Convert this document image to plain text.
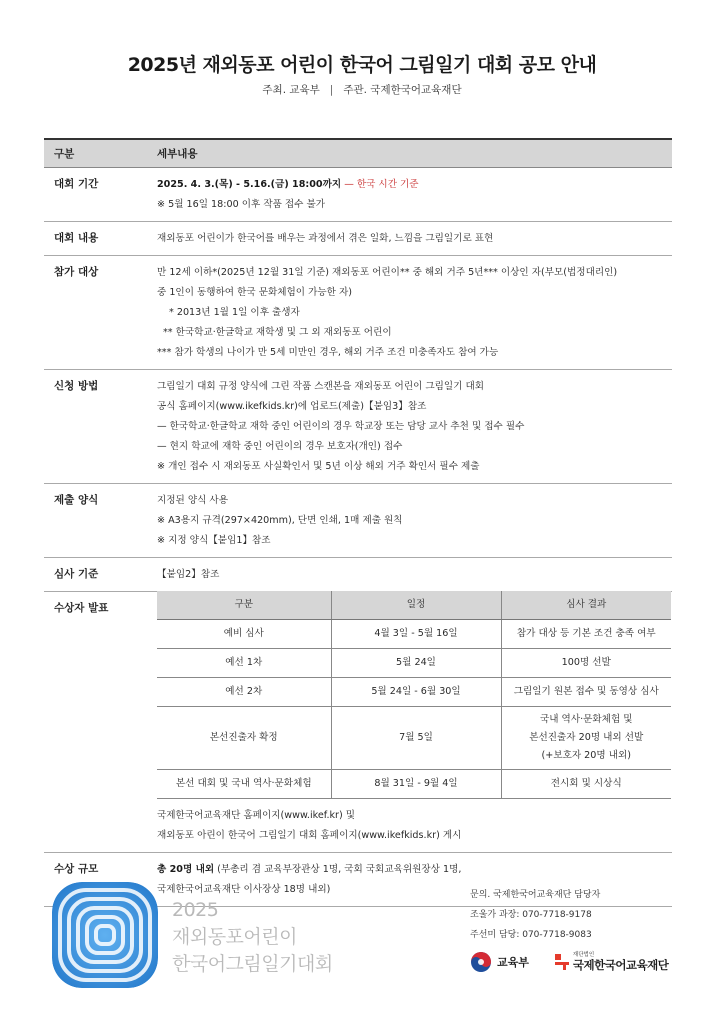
2025년 재외동포 어린이 한국어 그림일기 대회 공모 안내
주최. 교육부 | 주관. 국제한국어교육재단
구분	세부내용
대회 기간	2025. 4. 3.(목) - 5.16.(금) 18:00까지 — 한국 시간 기준
※ 5월 16일 18:00 이후 작품 접수 불가
대회 내용	재외동포 어린이가 한국어를 배우는 과정에서 겪은 일화, 느낌을 그림일기로 표현
참가 대상	만 12세 이하*(2025년 12월 31일 기준) 재외동포 어린이** 중 해외 거주 5년*** 이상인 자(부모(법정대리인)
중 1인이 동행하여 한국 문화체험이 가능한 자)
* 2013년 1월 1일 이후 출생자
** 한국학교·한글학교 재학생 및 그 외 재외동포 어린이
*** 참가 학생의 나이가 만 5세 미만인 경우, 해외 거주 조건 미충족자도 참여 가능
신청 방법	그림일기 대회 규정 양식에 그린 작품 스캔본을 재외동포 어린이 그림일기 대회
공식 홈페이지(www.ikefkids.kr)에 업로드(제출)【붙임3】참조
— 한국학교·한글학교 재학 중인 어린이의 경우 학교장 또는 담당 교사 추천 및 접수 필수
— 현지 학교에 재학 중인 어린이의 경우 보호자(개인) 접수
※ 개인 접수 시 재외동포 사실확인서 및 5년 이상 해외 거주 확인서 필수 제출
제출 양식	지정된 양식 사용
※ A3용지 규격(297×420mm), 단면 인쇄, 1매 제출 원칙
※ 지정 양식【붙임1】참조
심사 기준	【붙임2】참조
수상자 발표	구분	일정	심사 결과
예비 심사	4월 3일 - 5월 16일	참가 대상 등 기본 조건 충족 여부
예선 1차	5월 24일	100명 선발
예선 2차	5월 24일 - 6월 30일	그림일기 원본 접수 및 동영상 심사
본선진출자 확정	7월 5일	국내 역사·문화체험 및
본선진출자 20명 내외 선발
(+보호자 20명 내외)

본선 대회 및 국내 역사·문화체험	8월 31일 - 9월 4일	전시회 및 시상식
국제한국어교육재단 홈페이지(www.ikef.kr) 및
재외동포 아린이 한국어 그림일기 대회 홈페이지(www.ikefkids.kr) 게시
수상 규모	총 20명 내외 (부총리 겸 교육부장관상 1명, 국회 국회교육위원장상 1명,
국제한국어교육재단 이사장상 18명 내외)
2025
재외동포어린이
한국어그림일기대회
문의. 국제한국어교육재단 담당자
조울가 과장: 070-7718-9178
주선미 담당: 070-7718-9083
교육부
재단법인
국제한국어교육재단
